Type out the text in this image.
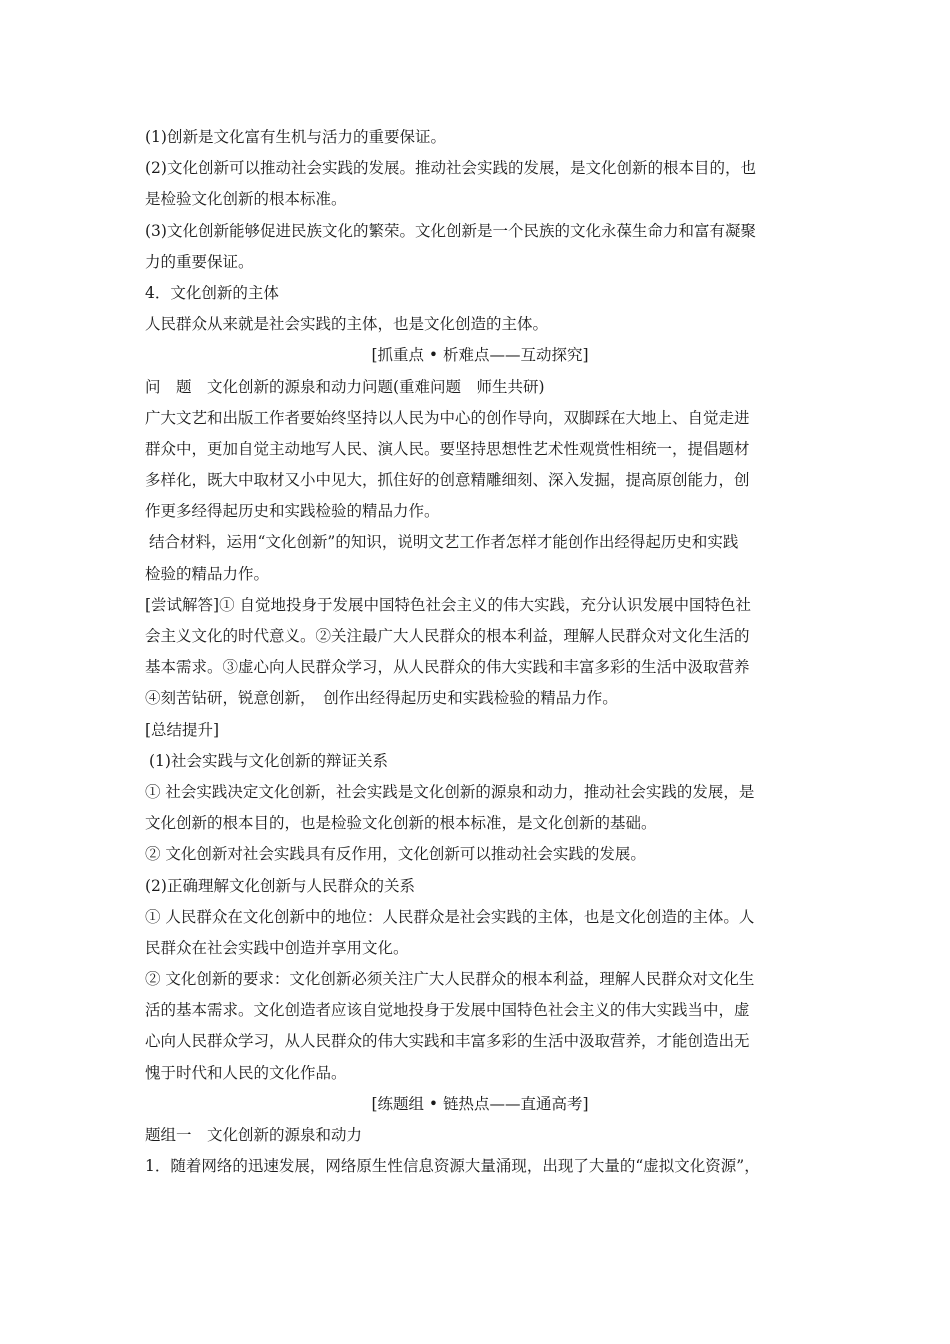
(1)创新是文化富有生机与活力的重要保证。
(2)文化创新可以推动社会实践的发展。推动社会实践的发展，是文化创新的根本目的，也
是检验文化创新的根本标准。
(3)文化创新能够促进民族文化的繁荣。文化创新是一个民族的文化永葆生命力和富有凝聚
力的重要保证。
4．文化创新的主体
人民群众从来就是社会实践的主体，也是文化创造的主体。
[抓重点 • 析难点——互动探究]
问　题　文化创新的源泉和动力问题(重难问题　师生共研)
广大文艺和出版工作者要始终坚持以人民为中心的创作导向，双脚踩在大地上、自觉走进
群众中，更加自觉主动地写人民、演人民。要坚持思想性艺术性观赏性相统一，提倡题材
多样化，既大中取材又小中见大，抓住好的创意精雕细刻、深入发掘，提高原创能力，创
作更多经得起历史和实践检验的精品力作。
结合材料，运用“文化创新”的知识，说明文艺工作者怎样才能创作出经得起历史和实践
检验的精品力作。
[尝试解答]① 自觉地投身于发展中国特色社会主义的伟大实践，充分认识发展中国特色社
会主义文化的时代意义。②关注最广大人民群众的根本利益，理解人民群众对文化生活的
基本需求。③虚心向人民群众学习，从人民群众的伟大实践和丰富多彩的生活中汲取营养
④刻苦钻研，锐意创新，　创作出经得起历史和实践检验的精品力作。
[总结提升]
(1)社会实践与文化创新的辩证关系
① 社会实践决定文化创新，社会实践是文化创新的源泉和动力，推动社会实践的发展，是
文化创新的根本目的，也是检验文化创新的根本标准，是文化创新的基础。
② 文化创新对社会实践具有反作用，文化创新可以推动社会实践的发展。
(2)正确理解文化创新与人民群众的关系
① 人民群众在文化创新中的地位：人民群众是社会实践的主体，也是文化创造的主体。人
民群众在社会实践中创造并享用文化。
② 文化创新的要求：文化创新必须关注广大人民群众的根本利益，理解人民群众对文化生
活的基本需求。文化创造者应该自觉地投身于发展中国特色社会主义的伟大实践当中，虚
心向人民群众学习，从人民群众的伟大实践和丰富多彩的生活中汲取营养，才能创造出无
愧于时代和人民的文化作品。
[练题组 • 链热点——直通高考]
题组一　文化创新的源泉和动力
1．随着网络的迅速发展，网络原生性信息资源大量涌现，出现了大量的“虚拟文化资源”，
